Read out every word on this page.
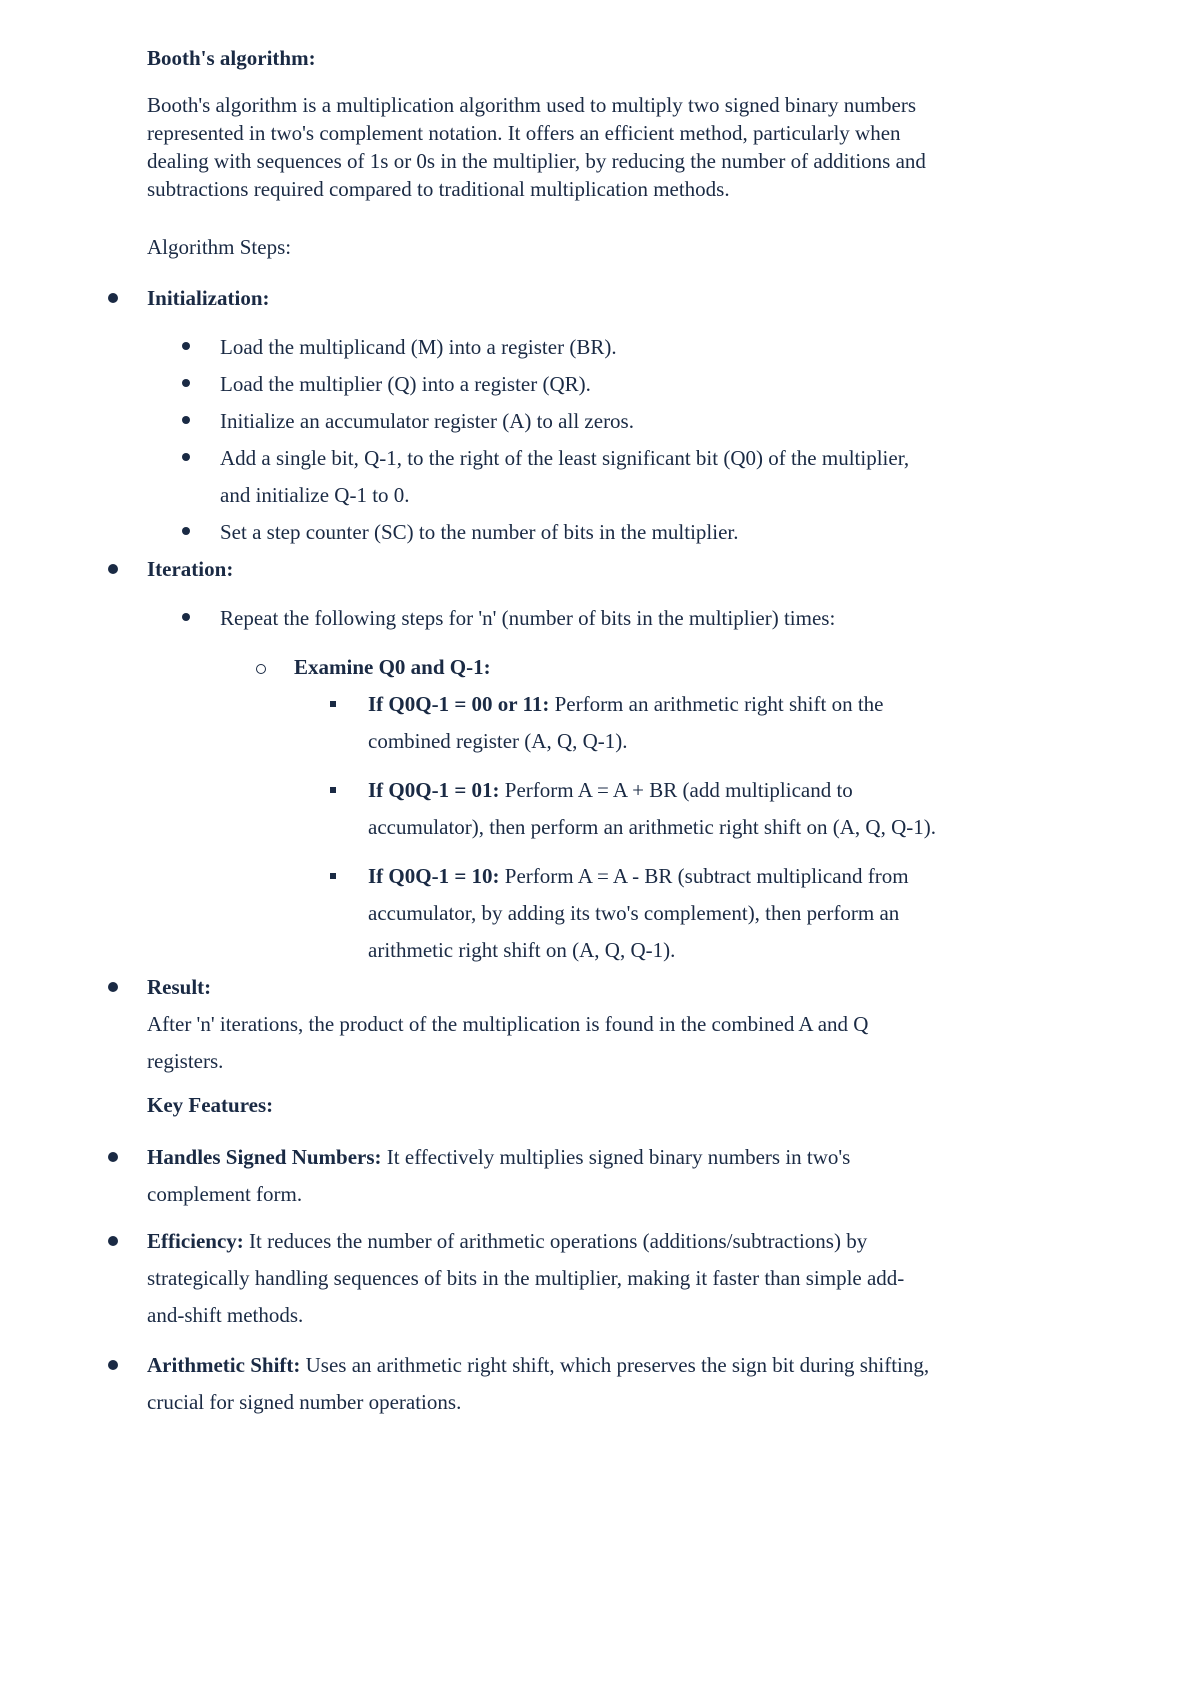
Booth's algorithm:
Booth's algorithm is a multiplication algorithm used to multiply two signed binary numbers
represented in two's complement notation. It offers an efficient method, particularly when
dealing with sequences of 1s or 0s in the multiplier, by reducing the number of additions and
subtractions required compared to traditional multiplication methods.
Algorithm Steps:
Initialization:
Load the multiplicand (M) into a register (BR).
Load the multiplier (Q) into a register (QR).
Initialize an accumulator register (A) to all zeros.
Add a single bit, Q-1, to the right of the least significant bit (Q0) of the multiplier,
and initialize Q-1 to 0.
Set a step counter (SC) to the number of bits in the multiplier.
Iteration:
Repeat the following steps for 'n' (number of bits in the multiplier) times:
Examine Q0 and Q-1:
If Q0Q-1 = 00 or 11: Perform an arithmetic right shift on the
combined register (A, Q, Q-1).
If Q0Q-1 = 01: Perform A = A + BR (add multiplicand to
accumulator), then perform an arithmetic right shift on (A, Q, Q-1).
If Q0Q-1 = 10: Perform A = A - BR (subtract multiplicand from
accumulator, by adding its two's complement), then perform an
arithmetic right shift on (A, Q, Q-1).
Result:
After 'n' iterations, the product of the multiplication is found in the combined A and Q
registers.
Key Features:
Handles Signed Numbers: It effectively multiplies signed binary numbers in two's
complement form.
Efficiency: It reduces the number of arithmetic operations (additions/subtractions) by
strategically handling sequences of bits in the multiplier, making it faster than simple add-
and-shift methods.
Arithmetic Shift: Uses an arithmetic right shift, which preserves the sign bit during shifting,
crucial for signed number operations.
